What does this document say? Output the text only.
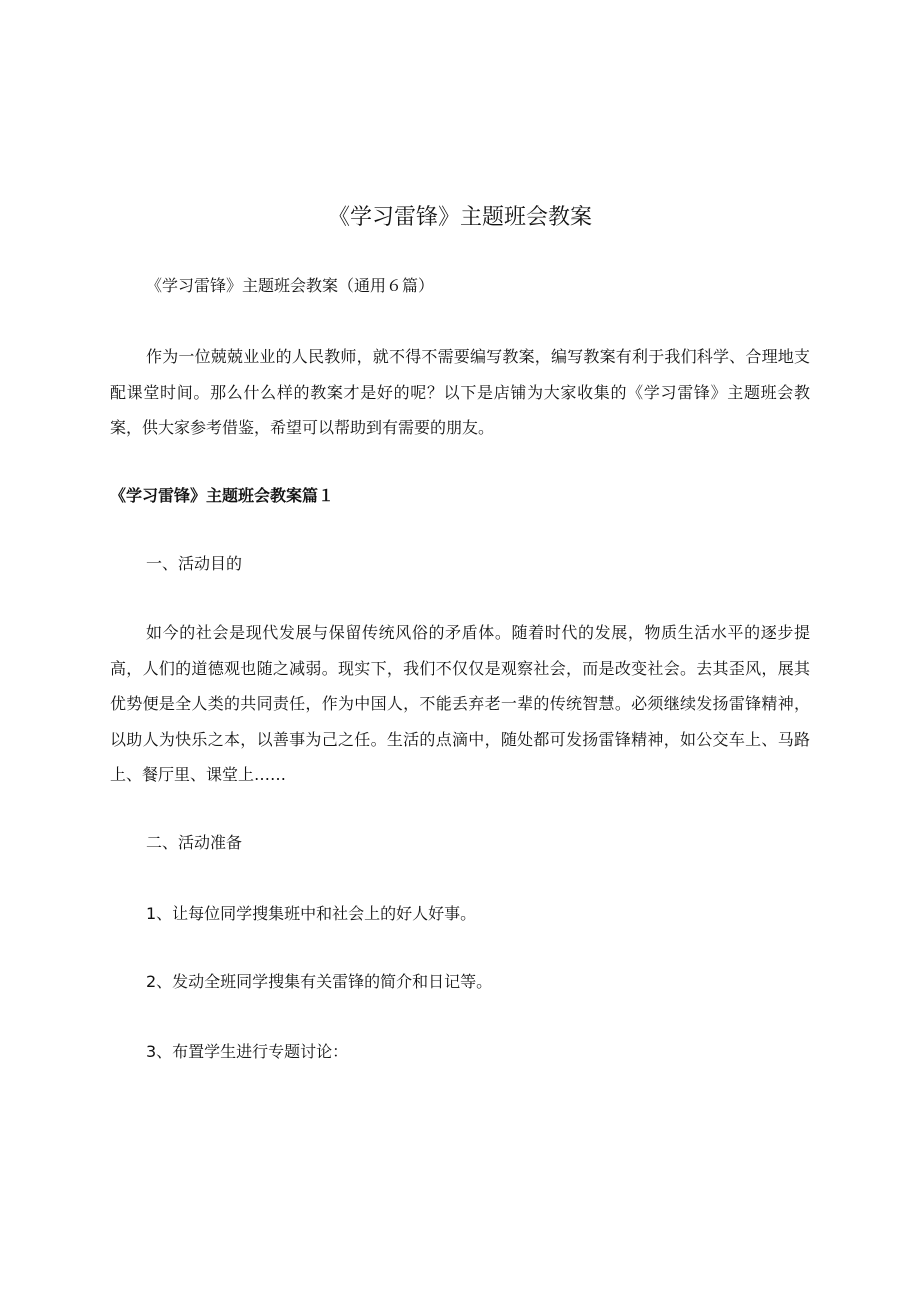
《学习雷锋》主题班会教案

《学习雷锋》主题班会教案（通用６篇）

作为一位兢兢业业的人民教师，就不得不需要编写教案，编写教案有利于我们科学、合理地支配课堂时间。那么什么样的教案才是好的呢？以下是店铺为大家收集的《学习雷锋》主题班会教案，供大家参考借鉴，希望可以帮助到有需要的朋友。

《学习雷锋》主题班会教案篇１

一、活动目的

如今的社会是现代发展与保留传统风俗的矛盾体。随着时代的发展，物质生活水平的逐步提高，人们的道德观也随之减弱。现实下，我们不仅仅是观察社会，而是改变社会。去其歪风，展其优势便是全人类的共同责任，作为中国人，不能丢弃老一辈的传统智慧。必须继续发扬雷锋精神，以助人为快乐之本，以善事为己之任。生活的点滴中，随处都可发扬雷锋精神，如公交车上、马路上、餐厅里、课堂上……

二、活动准备

1、让每位同学搜集班中和社会上的好人好事。

2、发动全班同学搜集有关雷锋的简介和日记等。

3、布置学生进行专题讨论：
